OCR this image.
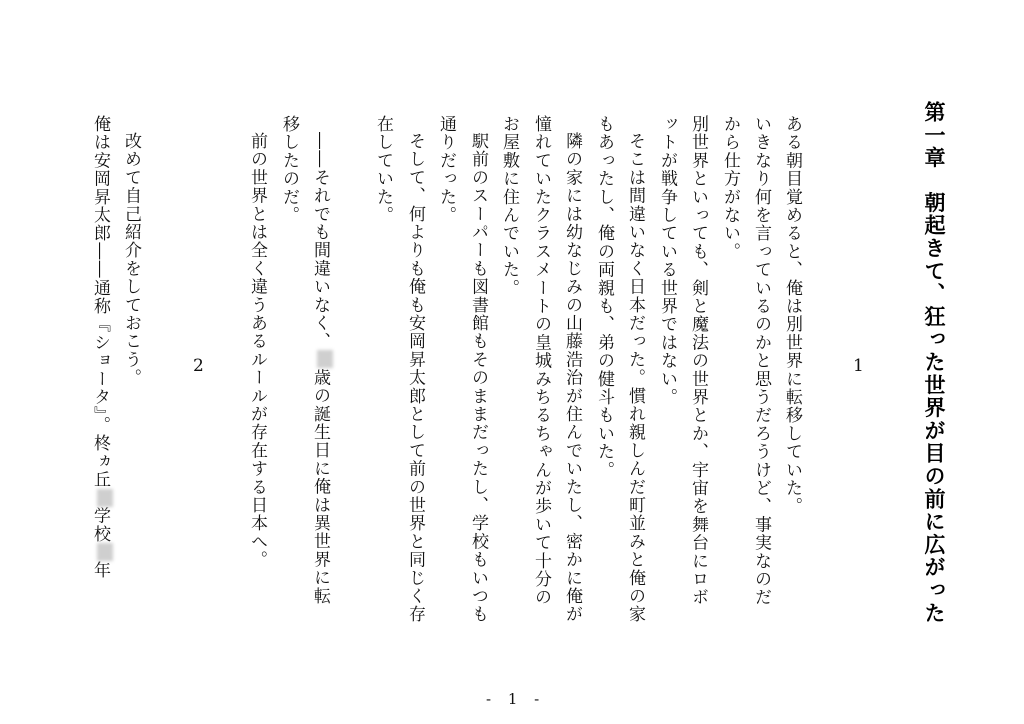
第一章朝起きて、狂った世界が目の前に広がった
1
2	ある朝目覚めると、俺は別世界に転移していた。
いきなり何を言っているのかと思うだろうけど、事実なのだ
から仕方がない。
別世界といっても、剣と魔法の世界とか、宇宙を舞台にロボ
ットが戦争している世界ではない。
そこは間違いなく日本だった。慣れ親しんだ町並みと俺の家
もあったし、俺の両親も、弟の健斗もいた。
隣の家には幼なじみの山藤浩治が住んでいたし、密かに俺が
憧れていたクラスメートの皇城みちるちゃんが歩いて十分の
お屋敷に住んでいた。
駅前のスーパーも図書館もそのままだったし、学校もいつも
通りだった。
そして、何よりも俺も安岡昇太郎として前の世界と同じく存
在していた。
――それでも間違いなく、歳の誕生日に俺は異世界に転
移したのだ。
前の世界とは全く違うあるルールが存在する日本へ。
改めて自己紹介をしておこう。
俺は安岡昇太郎――通称『ショータ』。柊ヵ丘学校年
- 1 -
